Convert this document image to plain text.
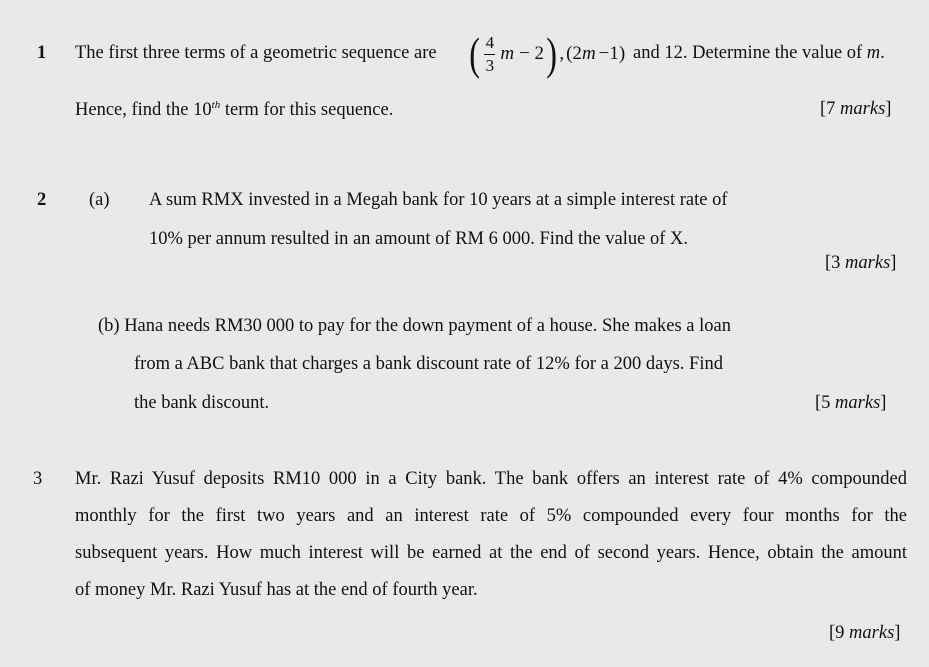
1 The first three terms of a geometric sequence are ( $\frac{4}{3}$ m − 2 ) , (2 m −1) and 12. Determine the value of m.
Hence, find the 10th term for this sequence.	[7 marks]
2 (a) A sum RMX invested in a Megah bank for 10 years at a simple interest rate of
10% per annum resulted in an amount of RM 6 000. Find the value of X.
[3 marks]
(b) Hana needs RM30 000 to pay for the down payment of a house. She makes a loan
from a ABC bank that charges a bank discount rate of 12% for a 200 days. Find
the bank discount.	[5 marks]
3 Mr. Razi Yusuf deposits RM10 000 in a City bank. The bank offers an interest rate of 4% compounded
monthly for the first two years and an interest rate of 5% compounded every four months for the
subsequent years. How much interest will be earned at the end of second years. Hence, obtain the amount
of money Mr. Razi Yusuf has at the end of fourth year.
[9 marks]
